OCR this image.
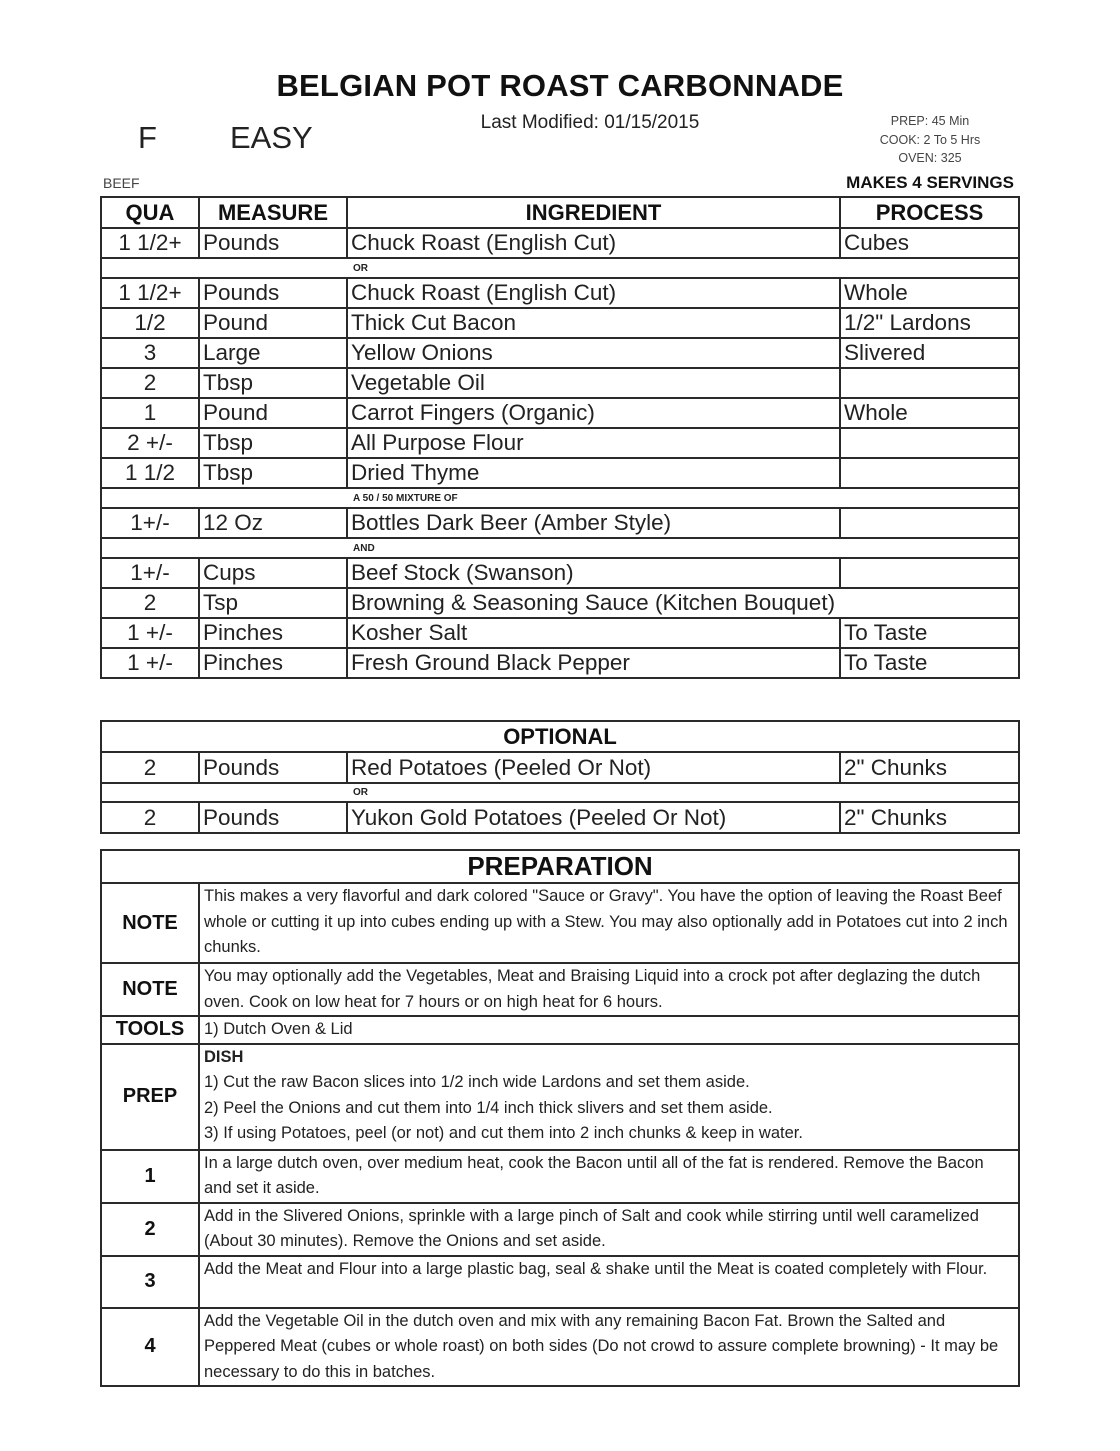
BELGIAN POT ROAST CARBONNADE
Last Modified: 01/15/2015
F EASY	PREP: 45 Min
COOK: 2 To 5 Hrs
OVEN: 325
BEEF	MAKES 4 SERVINGS
QUA	MEASURE	INGREDIENT	PROCESS
1 1/2+	Pounds	Chuck Roast (English Cut)	Cubes
		OR	
1 1/2+	Pounds	Chuck Roast (English Cut)	Whole
1/2	Pound	Thick Cut Bacon	1/2" Lardons
3	Large	Yellow Onions	Slivered
2	Tbsp	Vegetable Oil	
1	Pound	Carrot Fingers (Organic)	Whole
2 +/-	Tbsp	All Purpose Flour	
1 1/2	Tbsp	Dried Thyme	
		A 50 / 50 MIXTURE OF	
1+/-	12 Oz	Bottles Dark Beer (Amber Style)	
		AND	
1+/-	Cups	Beef Stock (Swanson)	
2	Tsp	Browning & Seasoning Sauce (Kitchen Bouquet)	
1 +/-	Pinches	Kosher Salt	To Taste
1 +/-	Pinches	Fresh Ground Black Pepper	To Taste
OPTIONAL			
2	Pounds	Red Potatoes (Peeled Or Not)	2" Chunks
		OR	
2	Pounds	Yukon Gold Potatoes (Peeled Or Not)	2" Chunks
PREPARATION	
NOTE	This makes a very flavorful and dark colored "Sauce or Gravy". You have the option of leaving the Roast Beef whole or cutting it up into cubes ending up with a Stew. You may also optionally add in Potatoes cut into 2 inch chunks.

NOTE	You may optionally add the Vegetables, Meat and Braising Liquid into a crock pot after deglazing the dutch oven. Cook on low heat for 7 hours or on high heat for 6 hours.

TOOLS	1) Dutch Oven & Lid

PREP	DISH
1) Cut the raw Bacon slices into 1/2 inch wide Lardons and set them aside.
2) Peel the Onions and cut them into 1/4 inch thick slivers and set them aside.
3) If using Potatoes, peel (or not) and cut them into 2 inch chunks & keep in water.

1	In a large dutch oven, over medium heat, cook the Bacon until all of the fat is rendered. Remove the Bacon and set it aside.

2	Add in the Slivered Onions, sprinkle with a large pinch of Salt and cook while stirring until well caramelized (About 30 minutes). Remove the Onions and set aside.

3	Add the Meat and Flour into a large plastic bag, seal & shake until the Meat is coated completely with Flour.

4	Add the Vegetable Oil in the dutch oven and mix with any remaining Bacon Fat. Brown the Salted and Peppered Meat (cubes or whole roast) on both sides (Do not crowd to assure complete browning) - It may be necessary to do this in batches.
